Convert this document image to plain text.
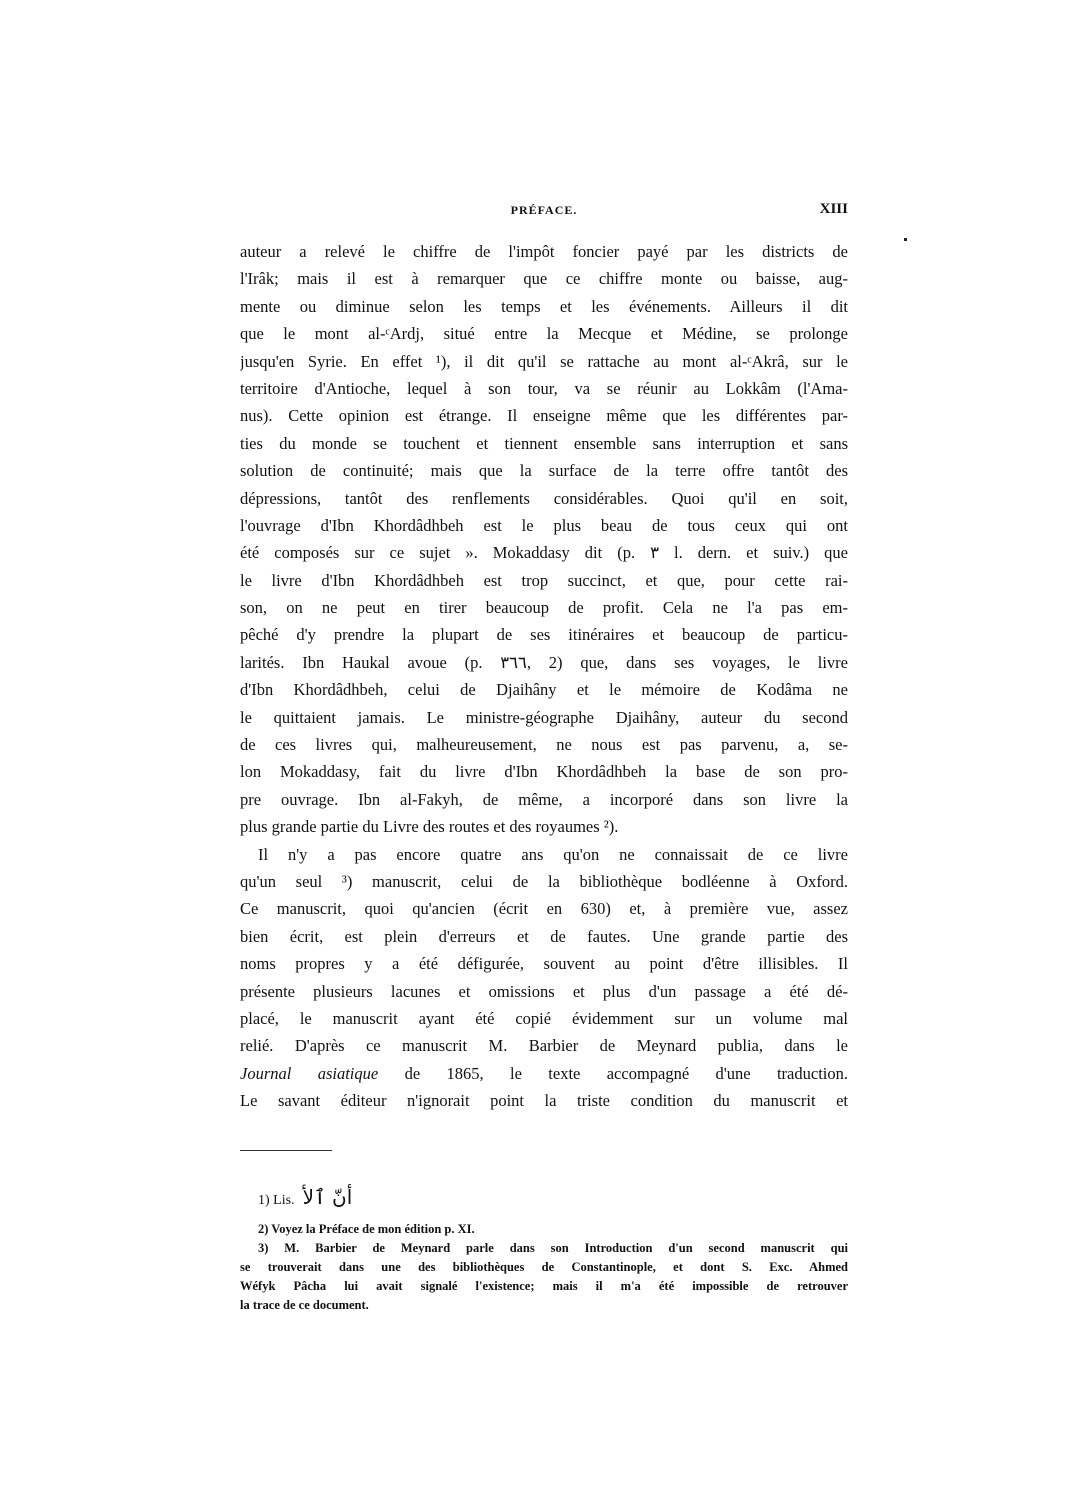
PRÉFACE.	XIII
auteur a relevé le chiffre de l'impôt foncier payé par les districts de
l'Irâk; mais il est à remarquer que ce chiffre monte ou baisse, aug-
mente ou diminue selon les temps et les événements. Ailleurs il dit
que le mont al-ᶜArdj, situé entre la Mecque et Médine, se prolonge
jusqu'en Syrie. En effet ¹), il dit qu'il se rattache au mont al-ᶜAkrâ, sur le
territoire d'Antioche, lequel à son tour, va se réunir au Lokkâm (l'Ama-
nus). Cette opinion est étrange. Il enseigne même que les différentes par-
ties du monde se touchent et tiennent ensemble sans interruption et sans
solution de continuité; mais que la surface de la terre offre tantôt des
dépressions, tantôt des renflements considérables. Quoi qu'il en soit,
l'ouvrage d'Ibn Khordâdhbeh est le plus beau de tous ceux qui ont
été composés sur ce sujet ». Mokaddasy dit (p. ٣ l. dern. et suiv.) que
le livre d'Ibn Khordâdhbeh est trop succinct, et que, pour cette rai-
son, on ne peut en tirer beaucoup de profit. Cela ne l'a pas em-
pêché d'y prendre la plupart de ses itinéraires et beaucoup de particu-
larités. Ibn Haukal avoue (p. ٣٦٦, 2) que, dans ses voyages, le livre
d'Ibn Khordâdhbeh, celui de Djaihâny et le mémoire de Kodâma ne
le quittaient jamais. Le ministre-géographe Djaihâny, auteur du second
de ces livres qui, malheureusement, ne nous est pas parvenu, a, se-
lon Mokaddasy, fait du livre d'Ibn Khordâdhbeh la base de son pro-
pre ouvrage. Ibn al-Fakyh, de même, a incorporé dans son livre la
plus grande partie du Livre des routes et des royaumes ²).
Il n'y a pas encore quatre ans qu'on ne connaissait de ce livre
qu'un seul ³) manuscrit, celui de la bibliothèque bodléenne à Oxford.
Ce manuscrit, quoi qu'ancien (écrit en 630) et, à première vue, assez
bien écrit, est plein d'erreurs et de fautes. Une grande partie des
noms propres y a été défigurée, souvent au point d'être illisibles. Il
présente plusieurs lacunes et omissions et plus d'un passage a été dé-
placé, le manuscrit ayant été copié évidemment sur un volume mal
relié. D'après ce manuscrit M. Barbier de Meynard publia, dans le
Journal asiatique de 1865, le texte accompagné d'une traduction.
Le savant éditeur n'ignorait point la triste condition du manuscrit et
1) Lis. أنّ ٱلأ
2) Voyez la Préface de mon édition p. XI.
3) M. Barbier de Meynard parle dans son Introduction d'un second manuscrit qui
se trouverait dans une des bibliothèques de Constantinople, et dont S. Exc. Ahmed
Wéfyk Pâcha lui avait signalé l'existence; mais il m'a été impossible de retrouver
la trace de ce document.
